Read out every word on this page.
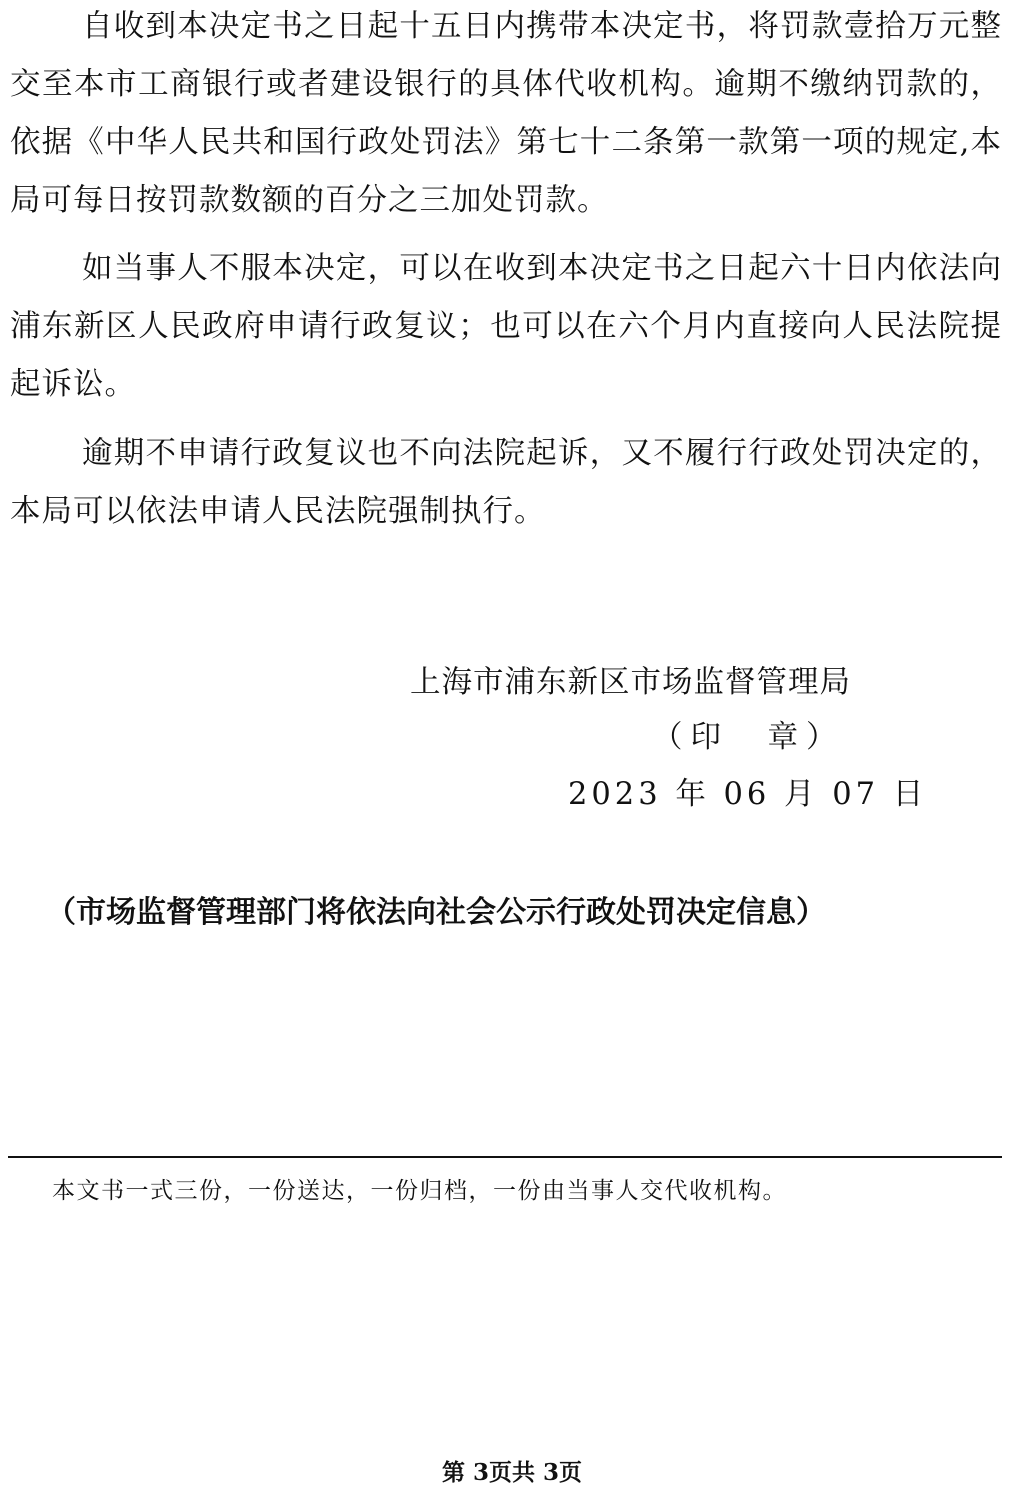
自收到本决定书之日起十五日内携带本决定书，将罚款壹拾万元整交至本市工商银行或者建设银行的具体代收机构。逾期不缴纳罚款的，依据《中华人民共和国行政处罚法》第七十二条第一款第一项的规定,本局可每日按罚款数额的百分之三加处罚款。

如当事人不服本决定，可以在收到本决定书之日起六十日内依法向浦东新区人民政府申请行政复议；也可以在六个月内直接向人民法院提起诉讼。

逾期不申请行政复议也不向法院起诉，又不履行行政处罚决定的，本局可以依法申请人民法院强制执行。

上海市浦东新区市场监督管理局

（印　章）

2023 年 06 月 07 日

（市场监督管理部门将依法向社会公示行政处罚决定信息）

本文书一式三份，一份送达，一份归档，一份由当事人交代收机构。

第 3页共 3页
